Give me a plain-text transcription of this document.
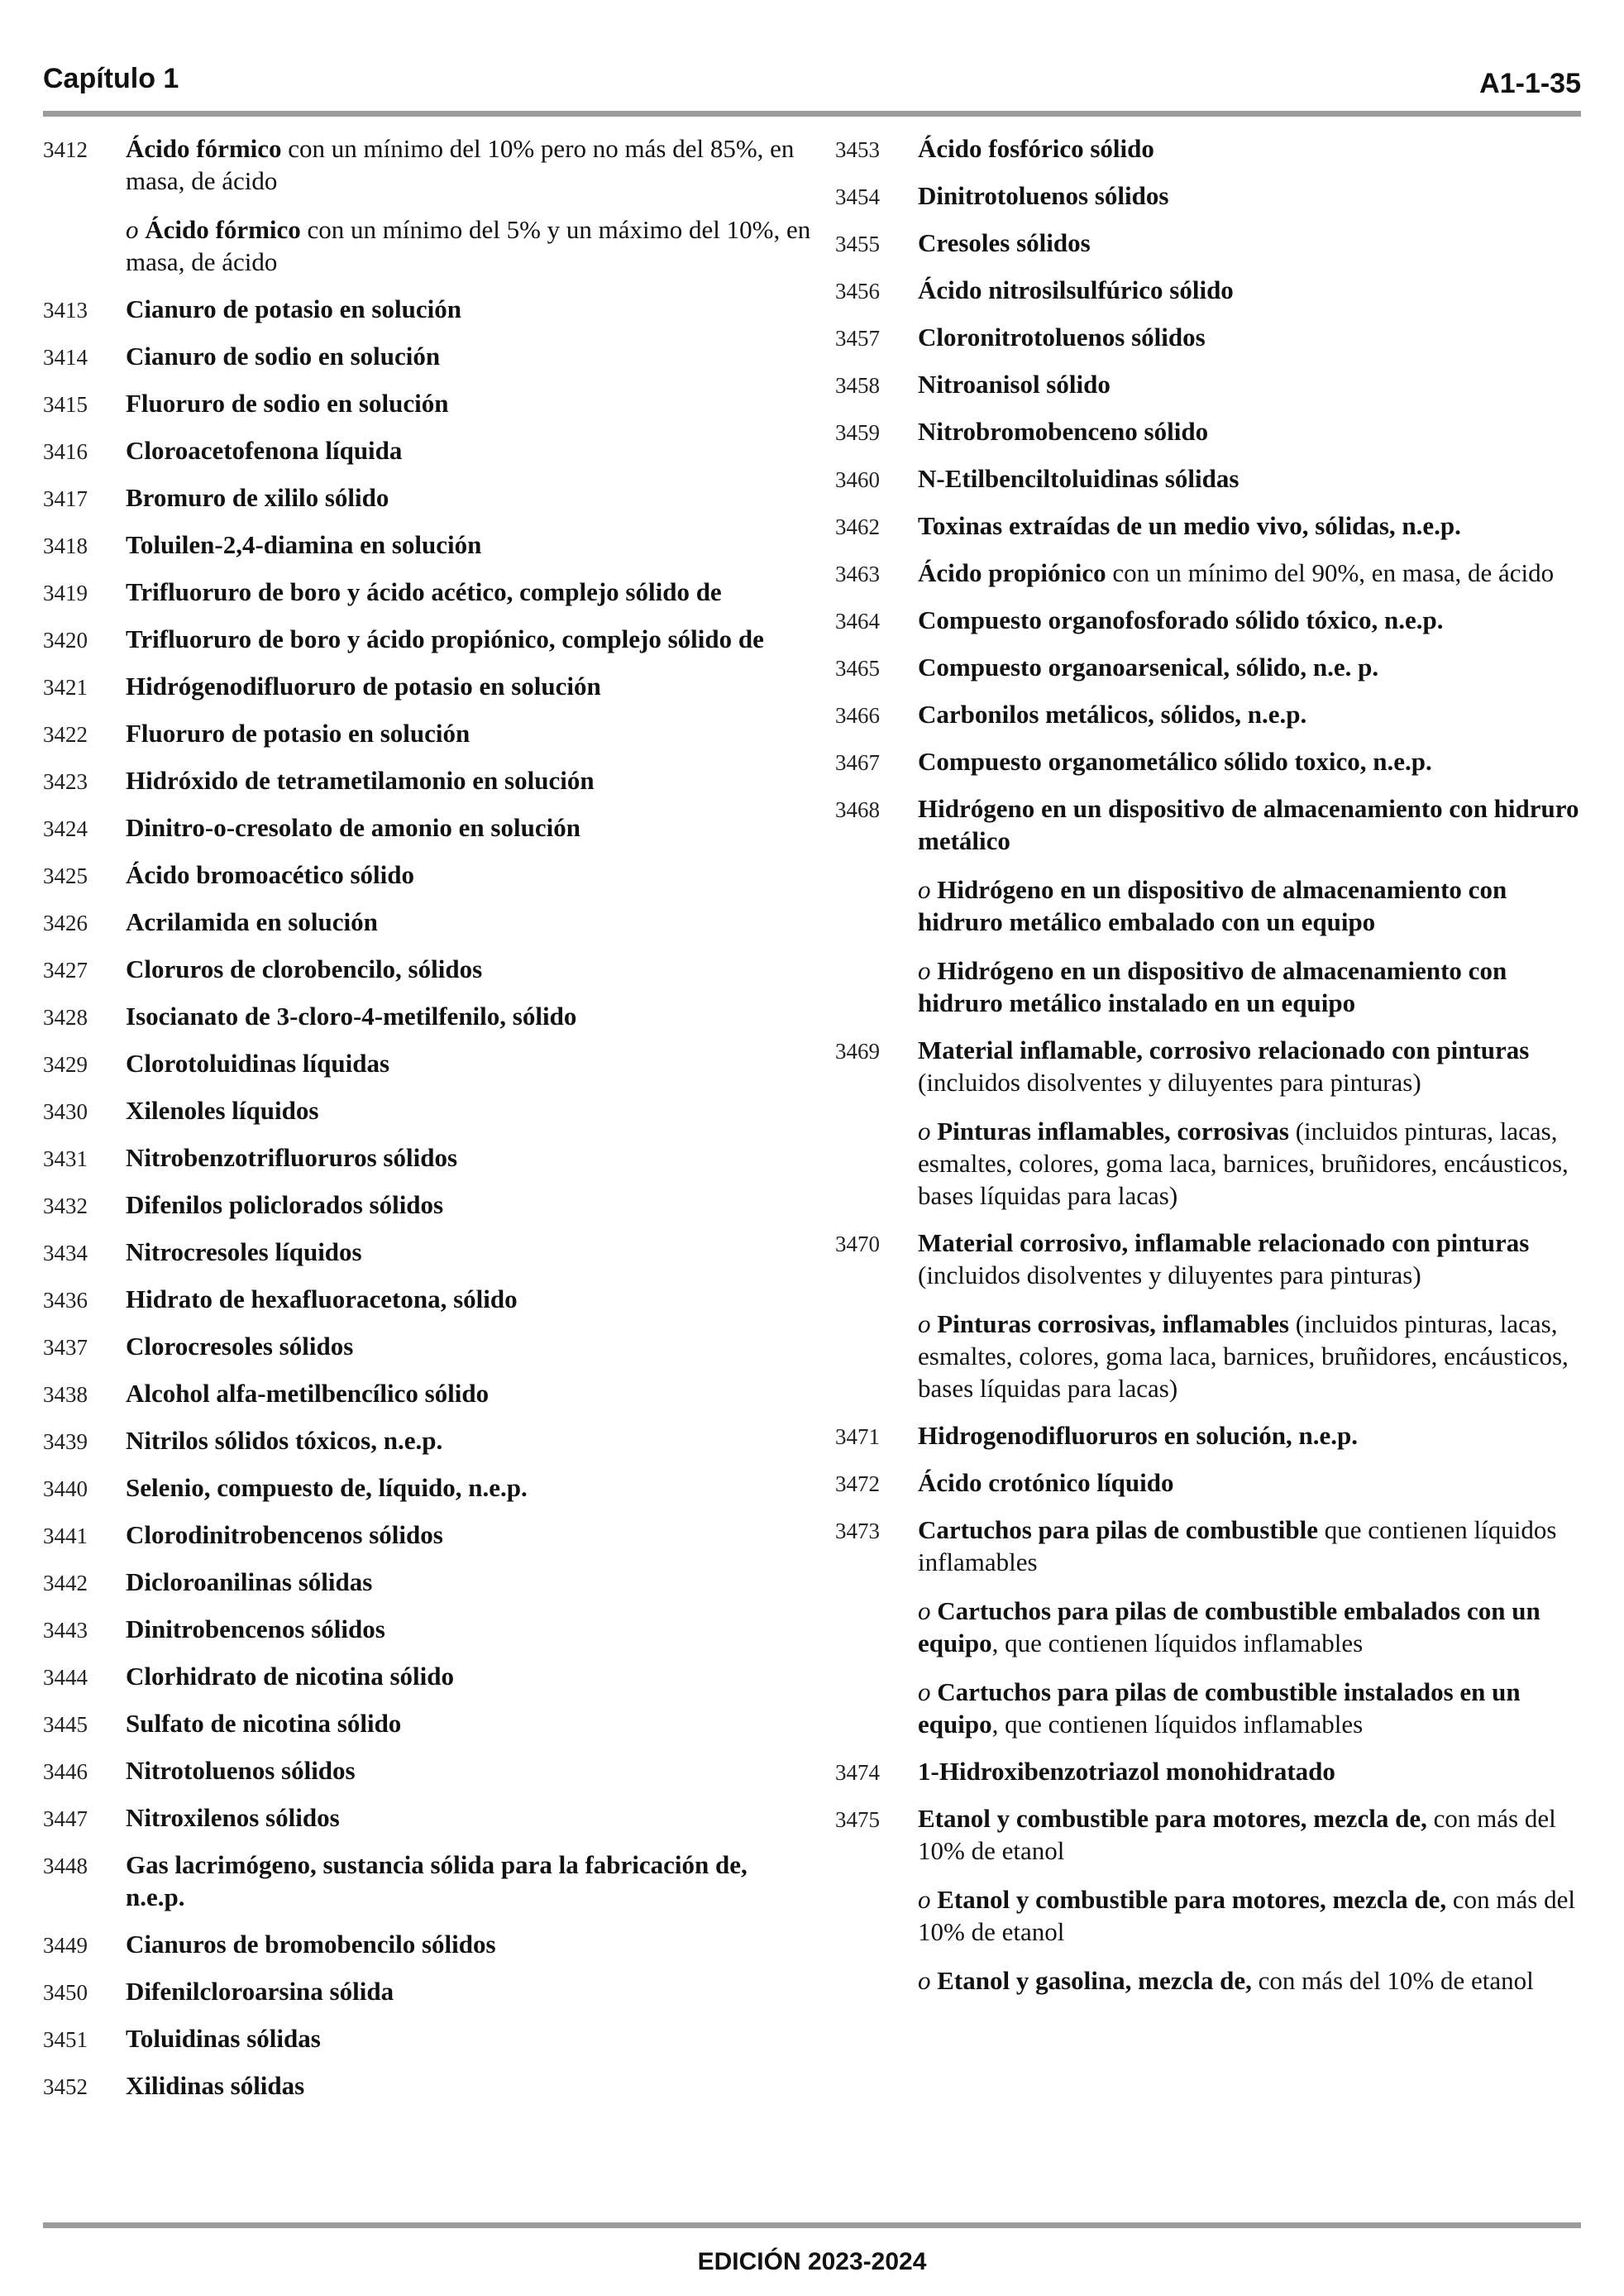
Capítulo 1	A1-1-35
3412	Ácido fórmico con un mínimo del 10% pero no más del 85%, en masa, de ácido
o Ácido fórmico con un mínimo del 5% y un máximo del 10%, en masa, de ácido
3413	Cianuro de potasio en solución
3414	Cianuro de sodio en solución
3415	Fluoruro de sodio en solución
3416	Cloroacetofenona líquida
3417	Bromuro de xililo sólido
3418	Toluilen-2,4-diamina en solución
3419	Trifluoruro de boro y ácido acético, complejo sólido de
3420	Trifluoruro de boro y ácido propiónico, complejo sólido de
3421	Hidrógenodifluoruro de potasio en solución
3422	Fluoruro de potasio en solución
3423	Hidróxido de tetrametilamonio en solución
3424	Dinitro-o-cresolato de amonio en solución
3425	Ácido bromoacético sólido
3426	Acrilamida en solución
3427	Cloruros de clorobencilo, sólidos
3428	Isocianato de 3-cloro-4-metilfenilo, sólido
3429	Clorotoluidinas líquidas
3430	Xilenoles líquidos
3431	Nitrobenzotrifluoruros sólidos
3432	Difenilos policlorados sólidos
3434	Nitrocresoles líquidos
3436	Hidrato de hexafluoracetona, sólido
3437	Clorocresoles sólidos
3438	Alcohol alfa-metilbencílico sólido
3439	Nitrilos sólidos tóxicos, n.e.p.
3440	Selenio, compuesto de, líquido, n.e.p.
3441	Clorodinitrobencenos sólidos
3442	Dicloroanilinas sólidas
3443	Dinitrobencenos sólidos
3444	Clorhidrato de nicotina sólido
3445	Sulfato de nicotina sólido
3446	Nitrotoluenos sólidos
3447	Nitroxilenos sólidos
3448	Gas lacrimógeno, sustancia sólida para la fabricación de, n.e.p.
3449	Cianuros de bromobencilo sólidos
3450	Difenilcloroarsina sólida
3451	Toluidinas sólidas
3452	Xilidinas sólidas
3453	Ácido fosfórico sólido
3454	Dinitrotoluenos sólidos
3455	Cresoles sólidos
3456	Ácido nitrosilsulfúrico sólido
3457	Cloronitrotoluenos sólidos
3458	Nitroanisol sólido
3459	Nitrobromobenceno sólido
3460	N-Etilbenciltoluidinas sólidas
3462	Toxinas extraídas de un medio vivo, sólidas, n.e.p.
3463	Ácido propiónico con un mínimo del 90%, en masa, de ácido
3464	Compuesto organofosforado sólido tóxico, n.e.p.
3465	Compuesto organoarsenical, sólido, n.e. p.
3466	Carbonilos metálicos, sólidos, n.e.p.
3467	Compuesto organometálico sólido toxico, n.e.p.
3468	Hidrógeno en un dispositivo de almacenamiento con hidruro metálico
o Hidrógeno en un dispositivo de almacenamiento con hidruro metálico embalado con un equipo
o Hidrógeno en un dispositivo de almacenamiento con hidruro metálico instalado en un equipo
3469	Material inflamable, corrosivo relacionado con pinturas (incluidos disolventes y diluyentes para pinturas)
o Pinturas inflamables, corrosivas (incluidos pinturas, lacas, esmaltes, colores, goma laca, barnices, bruñidores, encáusticos, bases líquidas para lacas)
3470	Material corrosivo, inflamable relacionado con pinturas (incluidos disolventes y diluyentes para pinturas)
o Pinturas corrosivas, inflamables (incluidos pinturas, lacas, esmaltes, colores, goma laca, barnices, bruñidores, encáusticos, bases líquidas para lacas)
3471	Hidrogenodifluoruros en solución, n.e.p.
3472	Ácido crotónico líquido
3473	Cartuchos para pilas de combustible que contienen líquidos inflamables
o Cartuchos para pilas de combustible embalados con un equipo, que contienen líquidos inflamables
o Cartuchos para pilas de combustible instalados en un equipo, que contienen líquidos inflamables
3474	1-Hidroxibenzotriazol monohidratado
3475	Etanol y combustible para motores, mezcla de, con más del 10% de etanol
o Etanol y combustible para motores, mezcla de, con más del 10% de etanol
o Etanol y gasolina, mezcla de, con más del 10% de etanol
EDICIÓN 2023-2024
